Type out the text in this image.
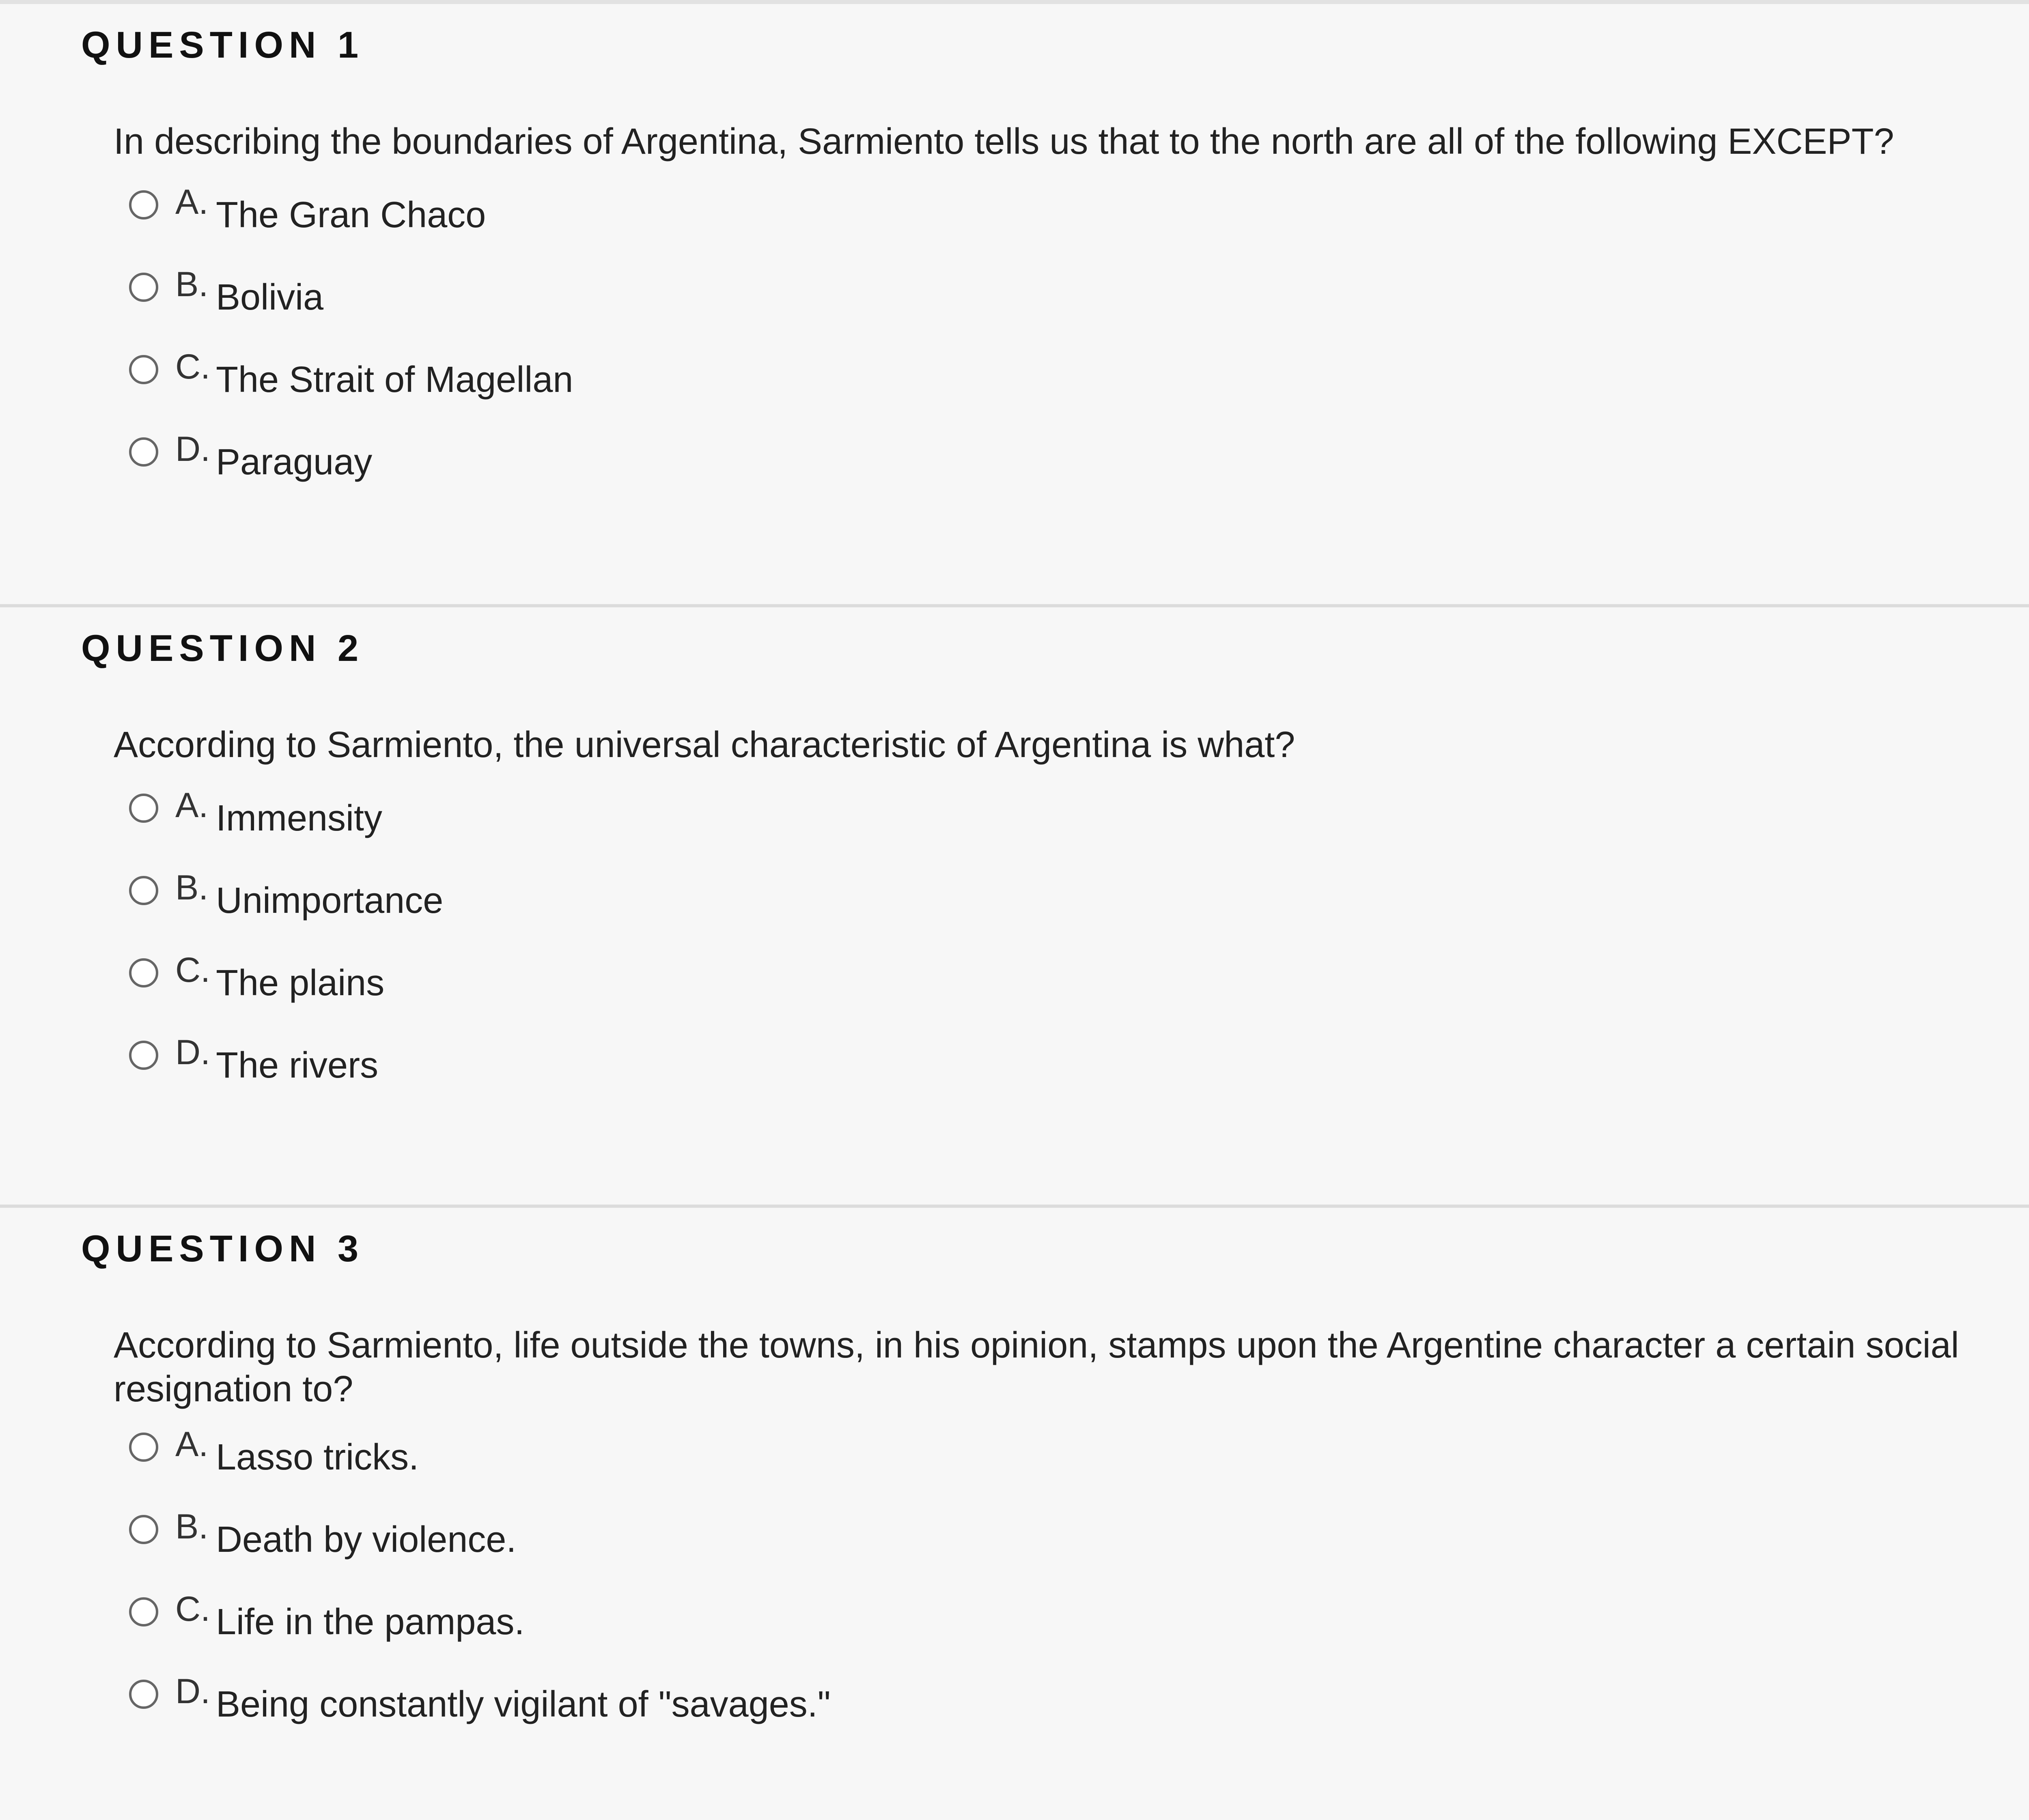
QUESTION 1
In describing the boundaries of Argentina, Sarmiento tells us that to the north are all of the following EXCEPT?
A. The Gran Chaco
B. Bolivia
C. The Strait of Magellan
D. Paraguay
QUESTION 2
According to Sarmiento, the universal characteristic of Argentina is what?
A. Immensity
B. Unimportance
C. The plains
D. The rivers
QUESTION 3
According to Sarmiento, life outside the towns, in his opinion, stamps upon the Argentine character a certain social resignation to?
A. Lasso tricks.
B. Death by violence.
C. Life in the pampas.
D. Being constantly vigilant of "savages."
